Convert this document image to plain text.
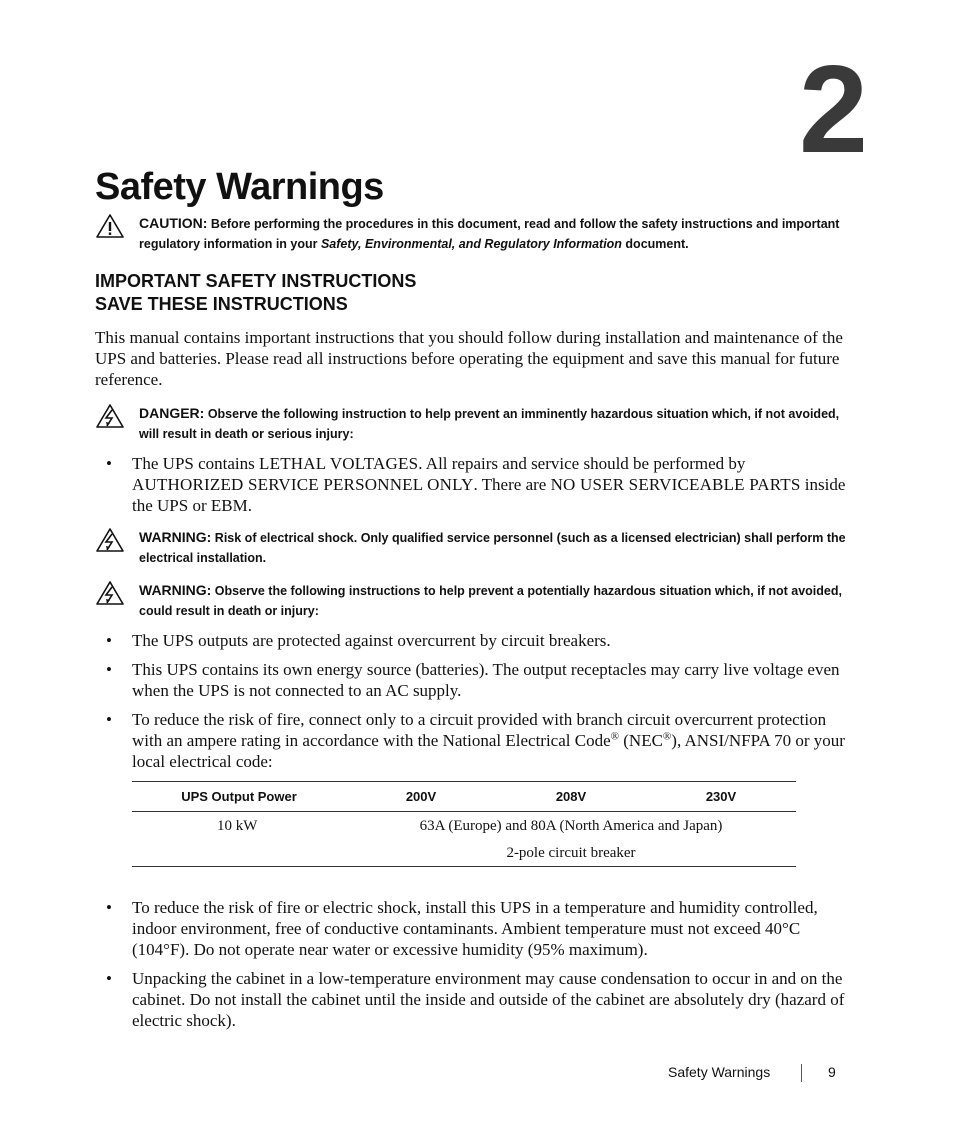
2
Safety Warnings
CAUTION: Before performing the procedures in this document, read and follow the safety instructions and important regulatory information in your Safety, Environmental, and Regulatory Information document.
IMPORTANT SAFETY INSTRUCTIONS
SAVE THESE INSTRUCTIONS
This manual contains important instructions that you should follow during installation and maintenance of the UPS and batteries. Please read all instructions before operating the equipment and save this manual for future reference.
DANGER: Observe the following instruction to help prevent an imminently hazardous situation which, if not avoided, will result in death or serious injury:
• The UPS contains LETHAL VOLTAGES. All repairs and service should be performed by AUTHORIZED SERVICE PERSONNEL ONLY. There are NO USER SERVICEABLE PARTS inside the UPS or EBM.
WARNING: Risk of electrical shock. Only qualified service personnel (such as a licensed electrician) shall perform the electrical installation.
WARNING: Observe the following instructions to help prevent a potentially hazardous situation which, if not avoided, could result in death or injury:
• The UPS outputs are protected against overcurrent by circuit breakers.
• This UPS contains its own energy source (batteries). The output receptacles may carry live voltage even when the UPS is not connected to an AC supply.
• To reduce the risk of fire, connect only to a circuit provided with branch circuit overcurrent protection with an ampere rating in accordance with the National Electrical Code® (NEC®), ANSI/NFPA 70 or your local electrical code:
UPS Output Power	200V	208V	230V
10 kW	63A (Europe) and 80A (North America and Japan)		
	2-pole circuit breaker		
• To reduce the risk of fire or electric shock, install this UPS in a temperature and humidity controlled, indoor environment, free of conductive contaminants. Ambient temperature must not exceed 40°C (104°F). Do not operate near water or excessive humidity (95% maximum).
• Unpacking the cabinet in a low-temperature environment may cause condensation to occur in and on the cabinet. Do not install the cabinet until the inside and outside of the cabinet are absolutely dry (hazard of electric shock).
Safety Warnings	9
